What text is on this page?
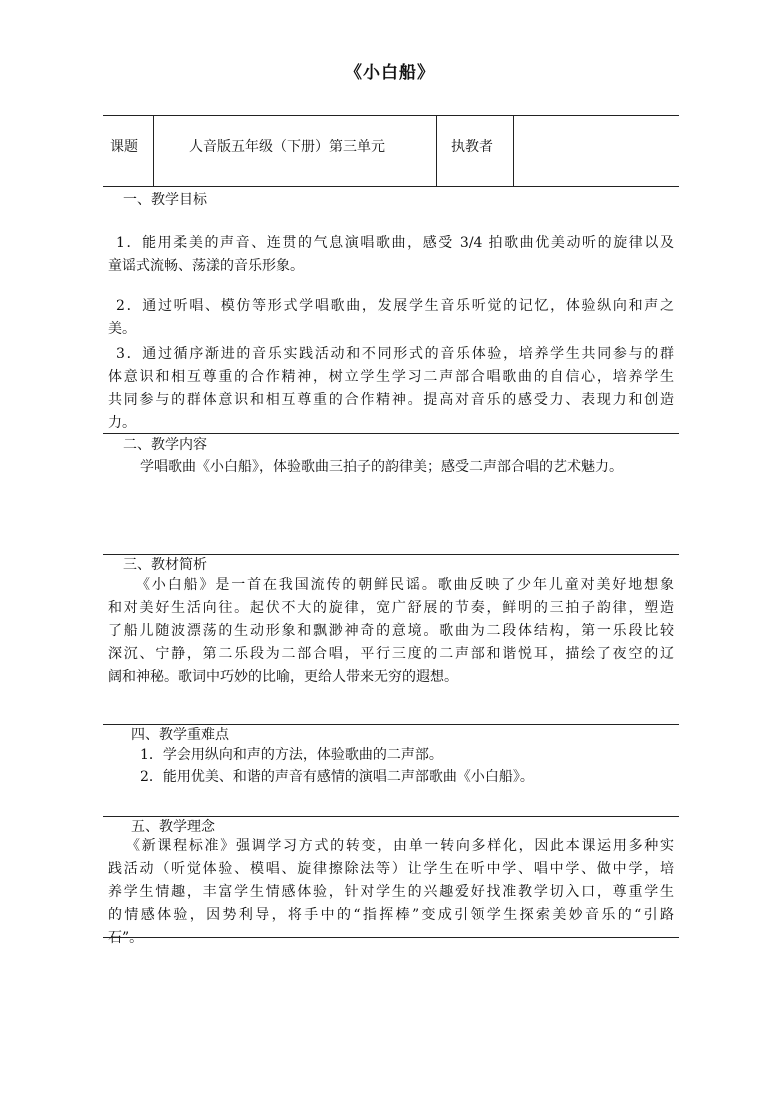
《小白船》
课题	人音版五年级（下册）第三单元	执教者
一、教学目标
1．能用柔美的声音、连贯的气息演唱歌曲，感受 3/4 拍歌曲优美动听的旋律以及
童谣式流畅、荡漾的音乐形象。
2．通过听唱、模仿等形式学唱歌曲，发展学生音乐听觉的记忆，体验纵向和声之
美。
3．通过循序渐进的音乐实践活动和不同形式的音乐体验，培养学生共同参与的群
体意识和相互尊重的合作精神，树立学生学习二声部合唱歌曲的自信心，培养学生
共同参与的群体意识和相互尊重的合作精神。提高对音乐的感受力、表现力和创造
力。
二、教学内容
学唱歌曲《小白船》，体验歌曲三拍子的韵律美；感受二声部合唱的艺术魅力。
三、教材简析
《小白船》是一首在我国流传的朝鲜民谣。歌曲反映了少年儿童对美好地想象
和对美好生活向往。起伏不大的旋律，宽广舒展的节奏，鲜明的三拍子韵律，塑造
了船儿随波漂荡的生动形象和飘渺神奇的意境。歌曲为二段体结构，第一乐段比较
深沉、宁静，第二乐段为二部合唱，平行三度的二声部和谐悦耳，描绘了夜空的辽
阔和神秘。歌词中巧妙的比喻，更给人带来无穷的遐想。
四、教学重难点
1．学会用纵向和声的方法，体验歌曲的二声部。
2．能用优美、和谐的声音有感情的演唱二声部歌曲《小白船》。
五、教学理念
《新课程标准》强调学习方式的转变，由单一转向多样化，因此本课运用多种实
践活动（听觉体验、模唱、旋律擦除法等）让学生在听中学、唱中学、做中学，培
养学生情趣，丰富学生情感体验，针对学生的兴趣爱好找准教学切入口，尊重学生
的情感体验，因势利导，将手中的“指挥棒”变成引领学生探索美妙音乐的“引路
石”。
